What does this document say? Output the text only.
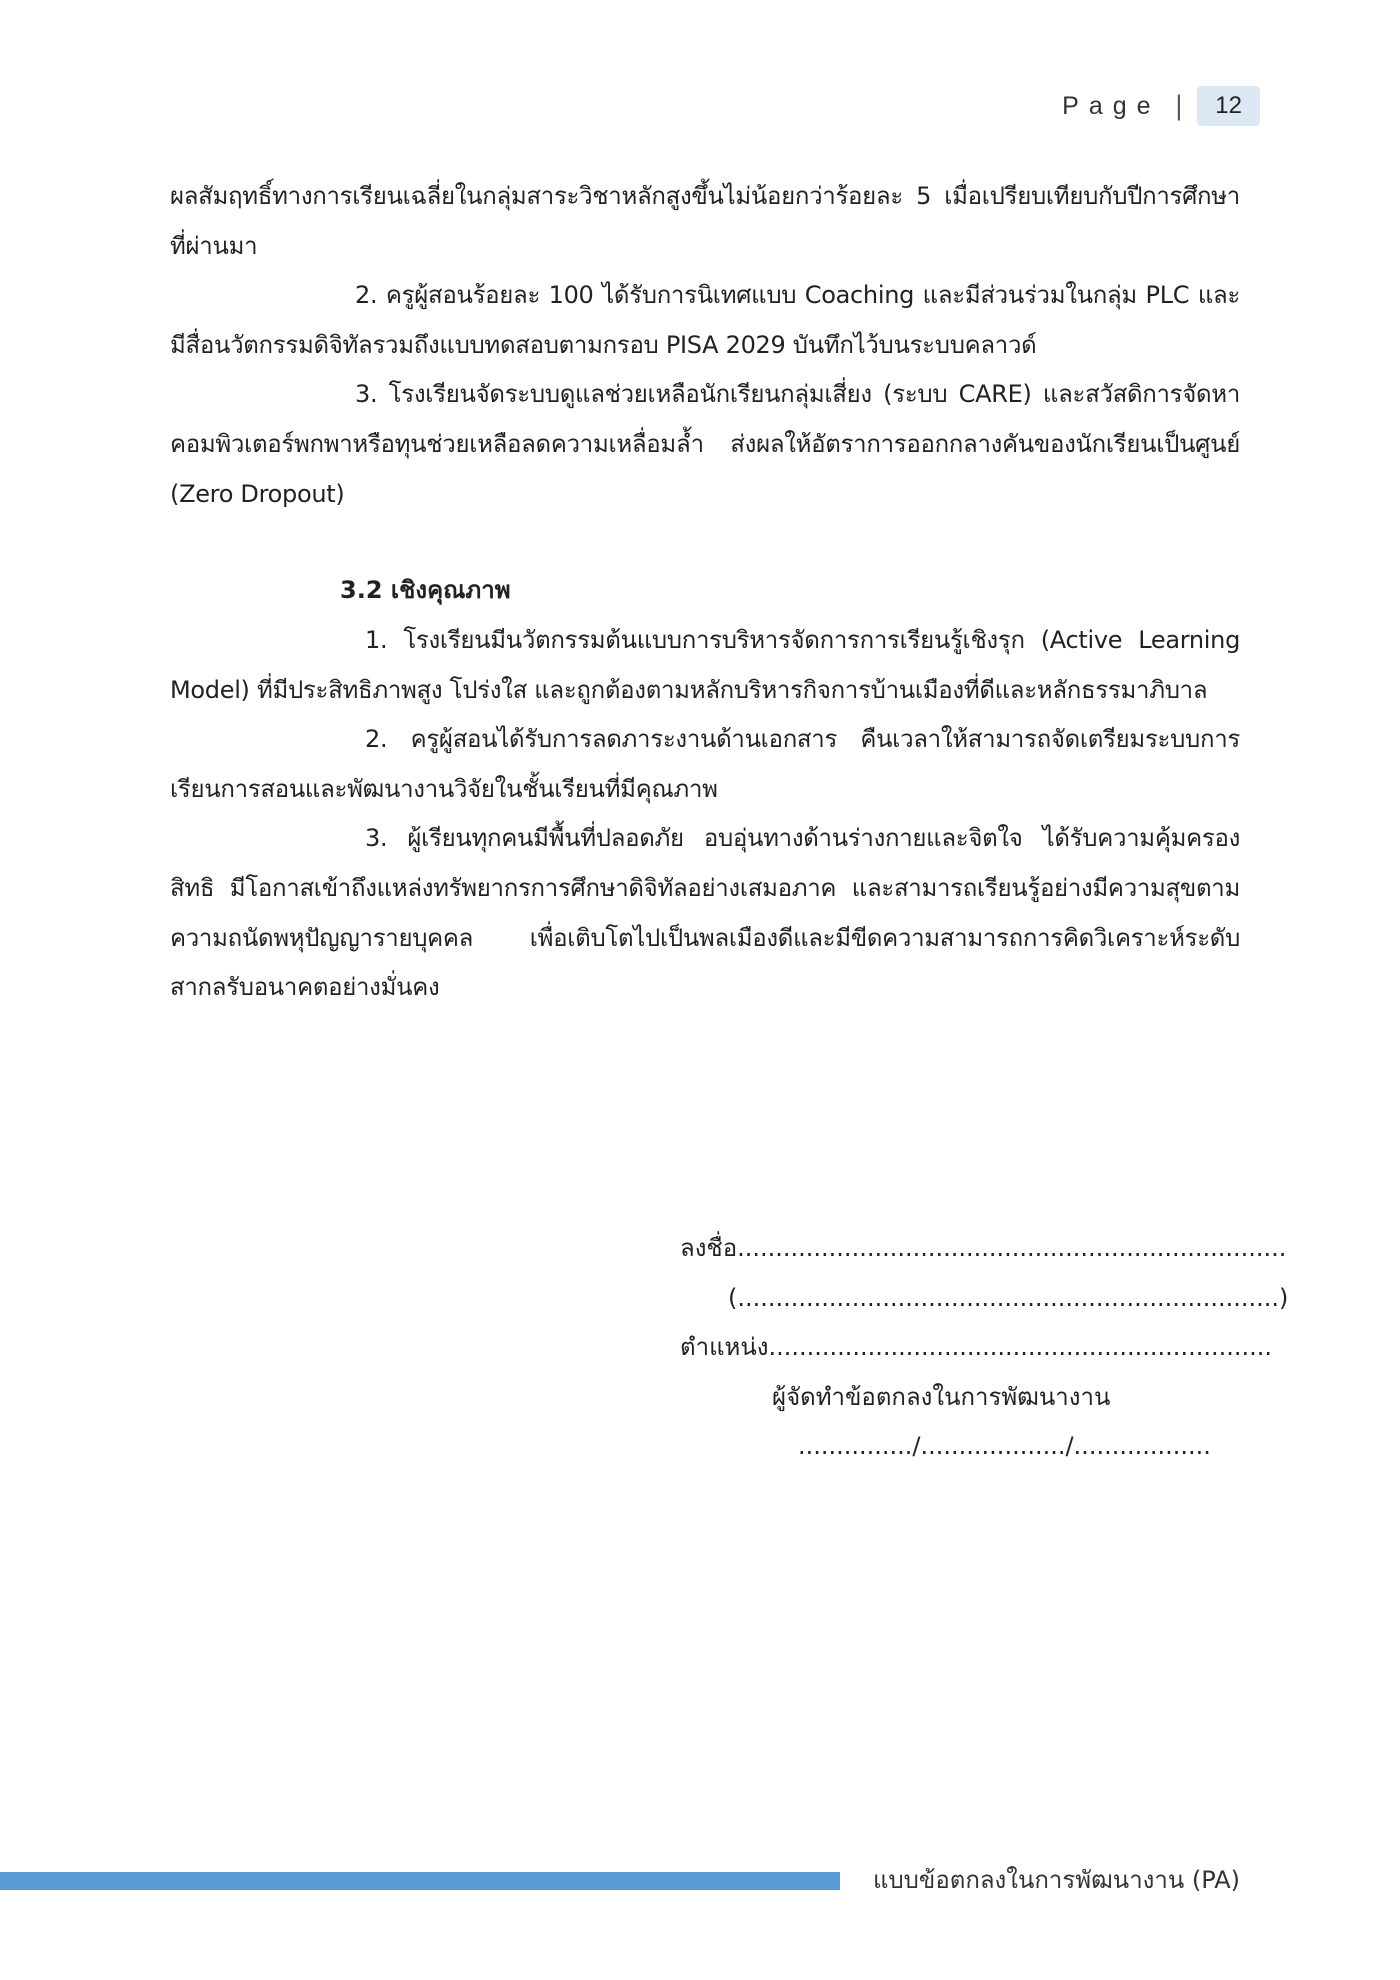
Page |	12

ผลสัมฤทธิ์ทางการเรียนเฉลี่ยในกลุ่มสาระวิชาหลักสูงขึ้นไม่น้อยกว่าร้อยละ 5 เมื่อเปรียบเทียบกับปีการศึกษาที่ผ่านมา

2. ครูผู้สอนร้อยละ 100 ได้รับการนิเทศแบบ Coaching และมีส่วนร่วมในกลุ่ม PLC และมีสื่อนวัตกรรมดิจิทัลรวมถึงแบบทดสอบตามกรอบ PISA 2029 บันทึกไว้บนระบบคลาวด์

3. โรงเรียนจัดระบบดูแลช่วยเหลือนักเรียนกลุ่มเสี่ยง (ระบบ CARE) และสวัสดิการจัดหาคอมพิวเตอร์พกพาหรือทุนช่วยเหลือลดความเหลื่อมล้ำ ส่งผลให้อัตราการออกกลางคันของนักเรียนเป็นศูนย์ (Zero Dropout)

3.2 เชิงคุณภาพ

1. โรงเรียนมีนวัตกรรมต้นแบบการบริหารจัดการการเรียนรู้เชิงรุก (Active Learning Model) ที่มีประสิทธิภาพสูง โปร่งใส และถูกต้องตามหลักบริหารกิจการบ้านเมืองที่ดีและหลักธรรมาภิบาล

2. ครูผู้สอนได้รับการลดภาระงานด้านเอกสาร คืนเวลาให้สามารถจัดเตรียมระบบการเรียนการสอนและพัฒนางานวิจัยในชั้นเรียนที่มีคุณภาพ

3. ผู้เรียนทุกคนมีพื้นที่ปลอดภัย อบอุ่นทางด้านร่างกายและจิตใจ ได้รับความคุ้มครองสิทธิ มีโอกาสเข้าถึงแหล่งทรัพยากรการศึกษาดิจิทัลอย่างเสมอภาค และสามารถเรียนรู้อย่างมีความสุขตามความถนัดพหุปัญญารายบุคคล เพื่อเติบโตไปเป็นพลเมืองดีและมีขีดความสามารถการคิดวิเคราะห์ระดับสากลรับอนาคตอย่างมั่นคง

ลงชื่อ........................................................................
(.......................................................................)
ตำแหน่ง..................................................................
ผู้จัดทำข้อตกลงในการพัฒนางาน
.............../.................../..................
แบบข้อตกลงในการพัฒนางาน (PA)
